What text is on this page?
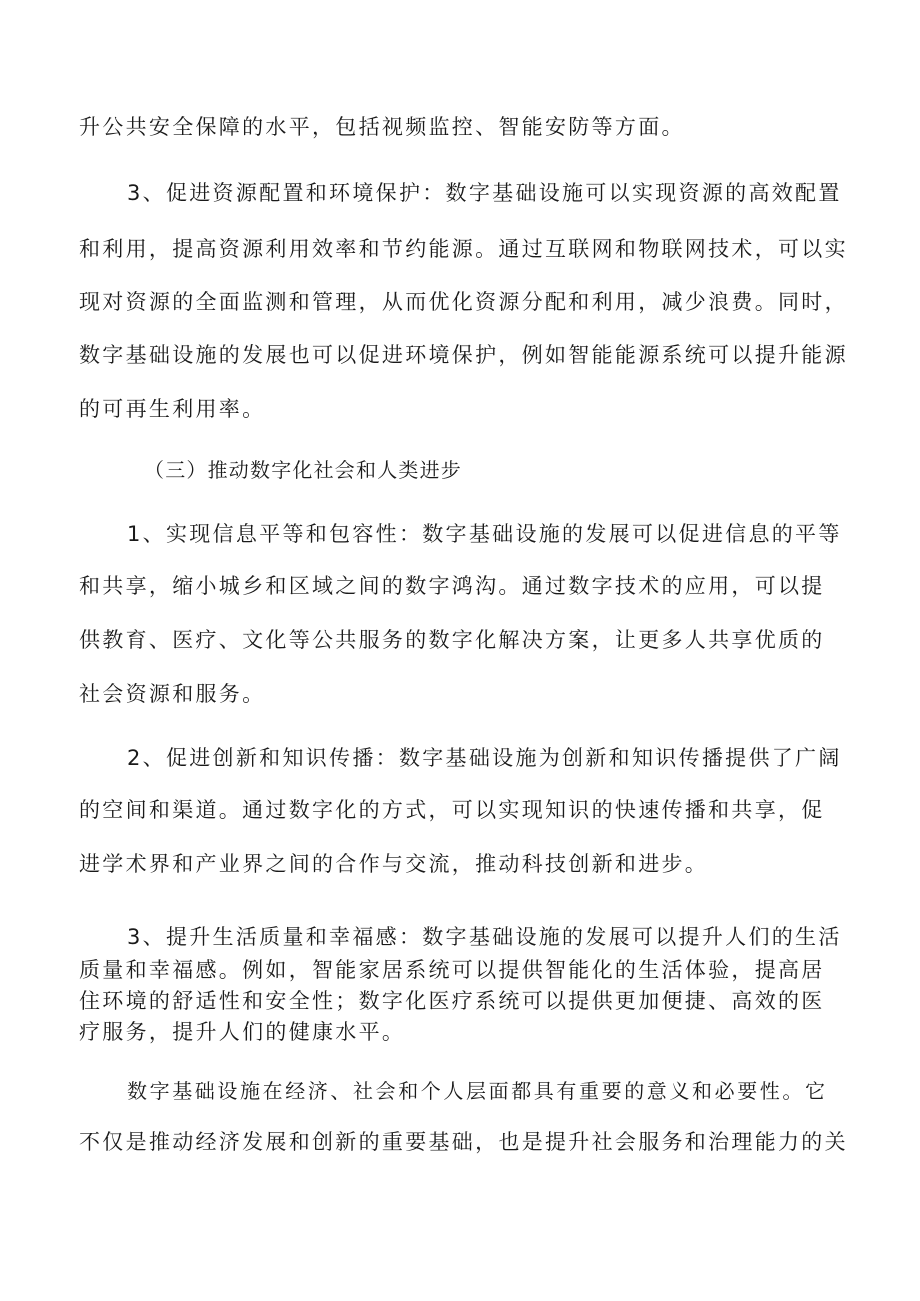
升公共安全保障的水平，包括视频监控、智能安防等方面。
3、促进资源配置和环境保护：数字基础设施可以实现资源的高效配置
和利用，提高资源利用效率和节约能源。通过互联网和物联网技术，可以实
现对资源的全面监测和管理，从而优化资源分配和利用，减少浪费。同时，
数字基础设施的发展也可以促进环境保护，例如智能能源系统可以提升能源
的可再生利用率。
（三）推动数字化社会和人类进步
1、实现信息平等和包容性：数字基础设施的发展可以促进信息的平等
和共享，缩小城乡和区域之间的数字鸿沟。通过数字技术的应用，可以提
供教育、医疗、文化等公共服务的数字化解决方案，让更多人共享优质的
社会资源和服务。
2、促进创新和知识传播：数字基础设施为创新和知识传播提供了广阔
的空间和渠道。通过数字化的方式，可以实现知识的快速传播和共享，促
进学术界和产业界之间的合作与交流，推动科技创新和进步。
3、提升生活质量和幸福感：数字基础设施的发展可以提升人们的生活
质量和幸福感。例如，智能家居系统可以提供智能化的生活体验，提高居
住环境的舒适性和安全性；数字化医疗系统可以提供更加便捷、高效的医
疗服务，提升人们的健康水平。
数字基础设施在经济、社会和个人层面都具有重要的意义和必要性。它
不仅是推动经济发展和创新的重要基础，也是提升社会服务和治理能力的关
